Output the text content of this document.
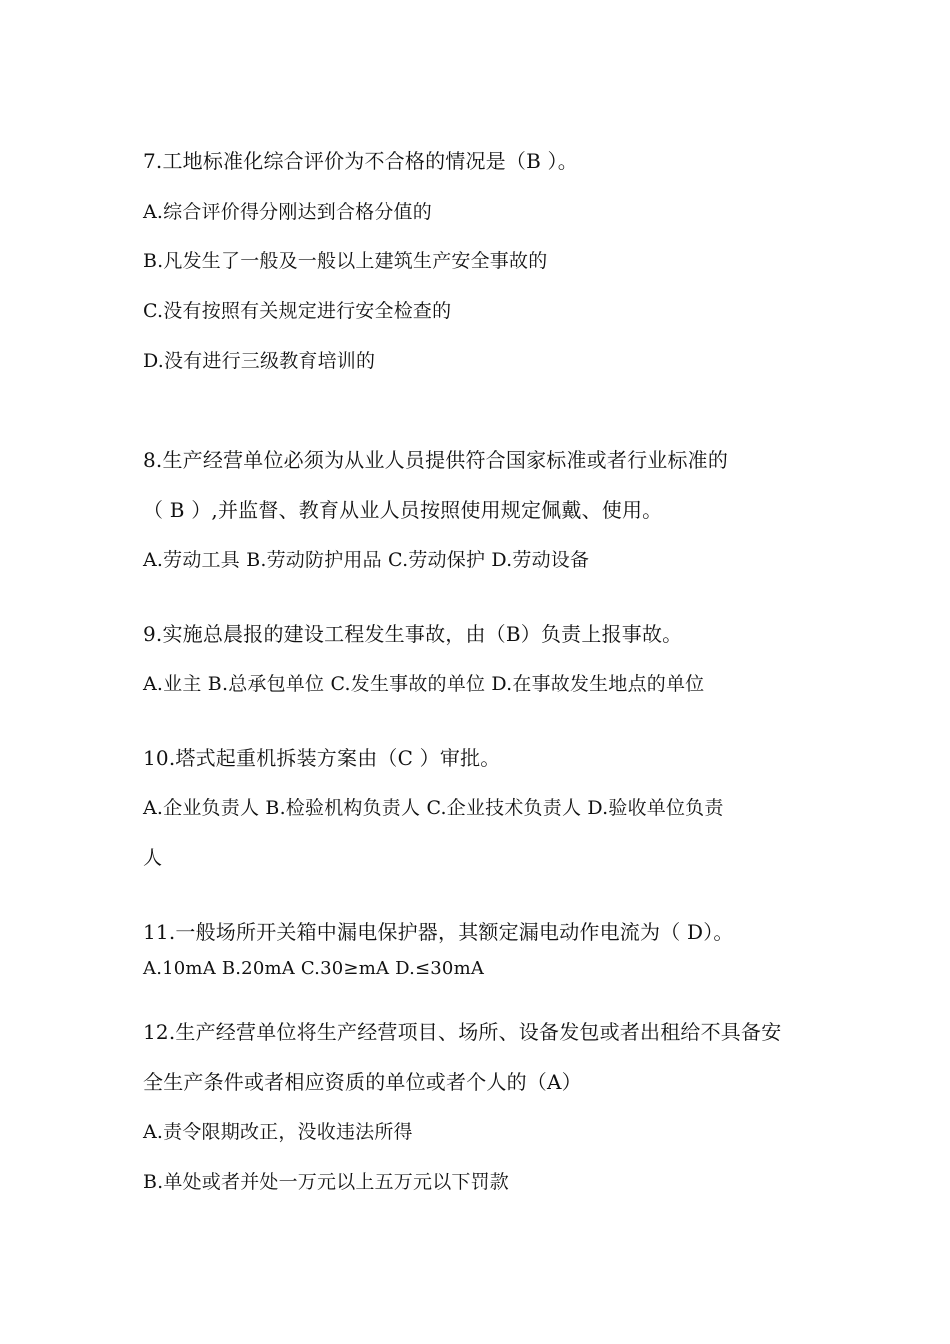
7.工地标准化综合评价为不合格的情况是（B ）。
A.综合评价得分刚达到合格分值的
B.凡发生了一般及一般以上建筑生产安全事故的
C.没有按照有关规定进行安全检查的
D.没有进行三级教育培训的
8.生产经营单位必须为从业人员提供符合国家标准或者行业标准的
（ B ）,并监督、教育从业人员按照使用规定佩戴、使用。
A.劳动工具 B.劳动防护用品 C.劳动保护 D.劳动设备
9.实施总晨报的建设工程发生事故，由（B）负责上报事故。
A.业主 B.总承包单位 C.发生事故的单位 D.在事故发生地点的单位
10.塔式起重机拆装方案由（C ）审批。
A.企业负责人 B.检验机构负责人 C.企业技术负责人 D.验收单位负责
人
11.一般场所开关箱中漏电保护器，其额定漏电动作电流为（ D）。
A.10mA B.20mA C.30≥mA D.≤30mA
12.生产经营单位将生产经营项目、场所、设备发包或者出租给不具备安
全生产条件或者相应资质的单位或者个人的（A）
A.责令限期改正，没收违法所得
B.单处或者并处一万元以上五万元以下罚款
